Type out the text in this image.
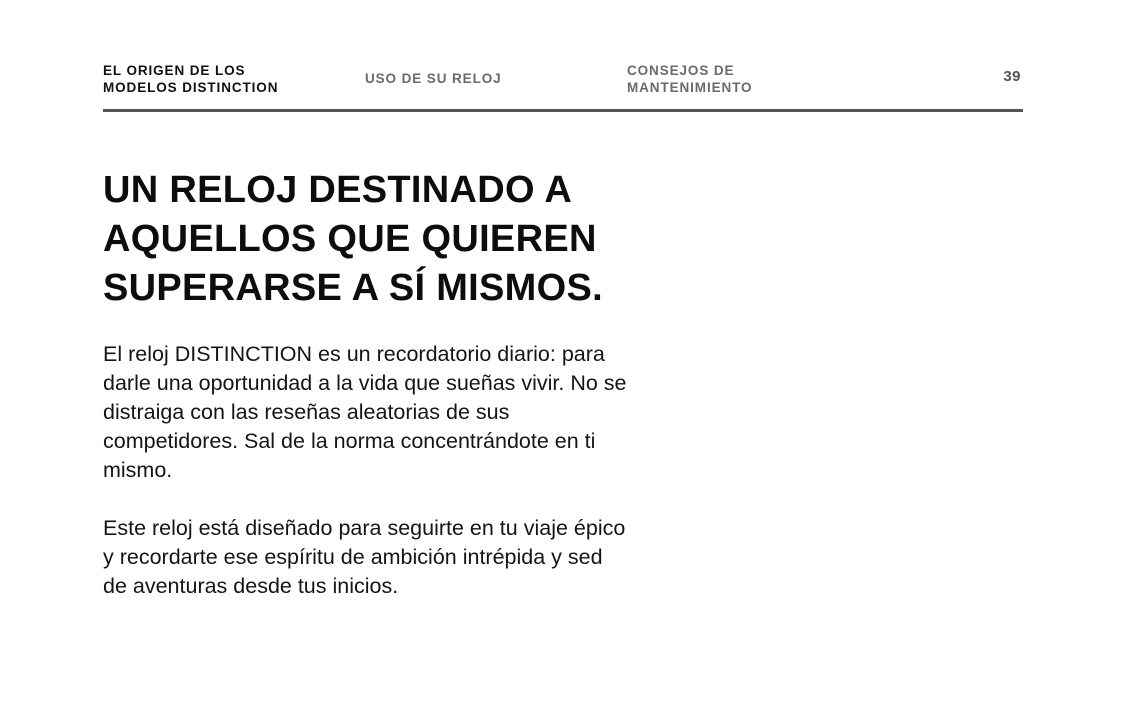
EL ORIGEN DE LOS
MODELOS DISTINCTION
USO DE SU RELOJ
CONSEJOS DE
MANTENIMIENTO
39
UN RELOJ DESTINADO A
AQUELLOS QUE QUIEREN
SUPERARSE A SÍ MISMOS.

El reloj DISTINCTION es un recordatorio diario: para
darle una oportunidad a la vida que sueñas vivir. No se
distraiga con las reseñas aleatorias de sus
competidores. Sal de la norma concentrándote en ti
mismo.

Este reloj está diseñado para seguirte en tu viaje épico
y recordarte ese espíritu de ambición intrépida y sed
de aventuras desde tus inicios.
